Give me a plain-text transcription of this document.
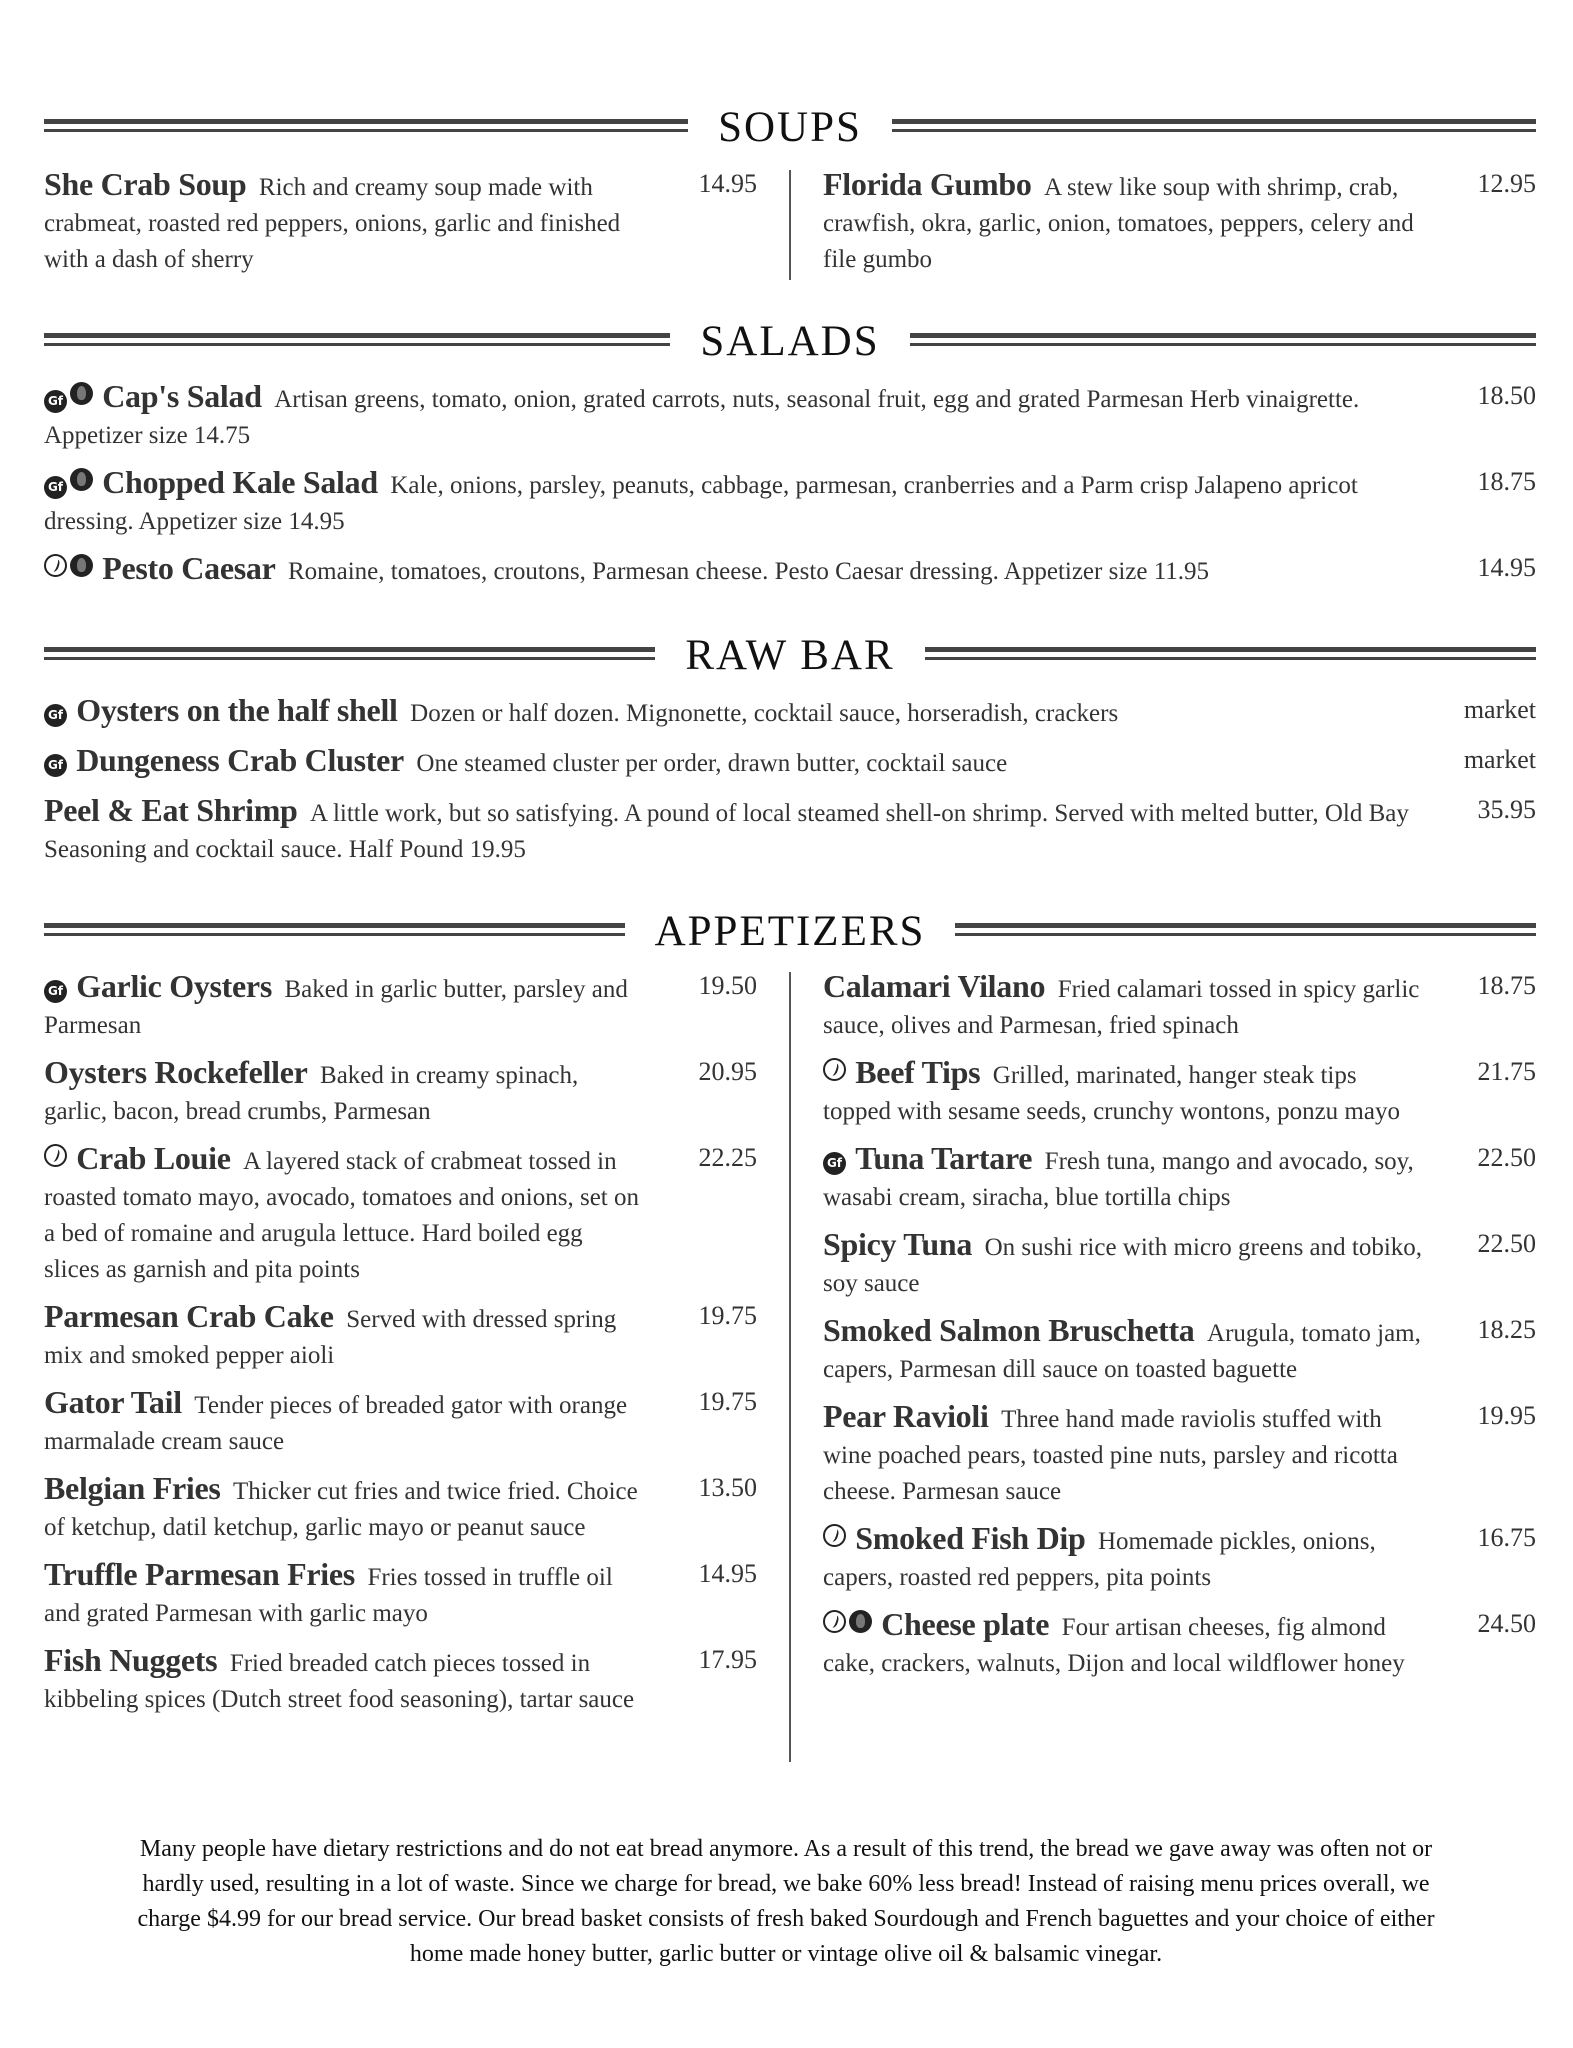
SOUPS
She Crab Soup Rich and creamy soup made with crabmeat, roasted red peppers, onions, garlic and finished with a dash of sherry
14.95 Florida Gumbo A stew like soup with shrimp, crab, crawfish, okra, garlic, onion, tomatoes, peppers, celery and file gumbo
12.95
SALADS
Gf Cap's Salad Artisan greens, tomato, onion, grated carrots, nuts, seasonal fruit, egg and grated Parmesan Herb vinaigrette. Appetizer size 14.75
18.50
Gf Chopped Kale Salad Kale, onions, parsley, peanuts, cabbage, parmesan, cranberries and a Parm crisp Jalapeno apricot dressing. Appetizer size 14.95
18.75
Pesto Caesar Romaine, tomatoes, croutons, Parmesan cheese. Pesto Caesar dressing. Appetizer size 11.95	14.95
RAW BAR
Gf Oysters on the half shell Dozen or half dozen. Mignonette, cocktail sauce, horseradish, crackers	market
Gf Dungeness Crab Cluster One steamed cluster per order, drawn butter, cocktail sauce	market
Peel & Eat Shrimp A little work, but so satisfying. A pound of local steamed shell-on shrimp. Served with melted butter, Old Bay Seasoning and cocktail sauce. Half Pound 19.95
35.95
APPETIZERS
Gf Garlic Oysters Baked in garlic butter, parsley and Parmesan
19.50
Oysters Rockefeller Baked in creamy spinach, garlic, bacon, bread crumbs, Parmesan
20.95
Crab Louie A layered stack of crabmeat tossed in roasted tomato mayo, avocado, tomatoes and onions, set on a bed of romaine and arugula lettuce. Hard boiled egg slices as garnish and pita points
22.25
Parmesan Crab Cake Served with dressed spring mix and smoked pepper aioli
19.75
Gator Tail Tender pieces of breaded gator with orange marmalade cream sauce
19.75
Belgian Fries Thicker cut fries and twice fried. Choice of ketchup, datil ketchup, garlic mayo or peanut sauce
13.50
Truffle Parmesan Fries Fries tossed in truffle oil and grated Parmesan with garlic mayo
14.95
Fish Nuggets Fried breaded catch pieces tossed in kibbeling spices (Dutch street food seasoning), tartar sauce
17.95
Calamari Vilano Fried calamari tossed in spicy garlic sauce, olives and Parmesan, fried spinach
18.75
Beef Tips Grilled, marinated, hanger steak tips topped with sesame seeds, crunchy wontons, ponzu mayo
21.75
Gf Tuna Tartare Fresh tuna, mango and avocado, soy, wasabi cream, siracha, blue tortilla chips
22.50
Spicy Tuna On sushi rice with micro greens and tobiko, soy sauce
22.50
Smoked Salmon Bruschetta Arugula, tomato jam, capers, Parmesan dill sauce on toasted baguette
18.25
Pear Ravioli Three hand made raviolis stuffed with wine poached pears, toasted pine nuts, parsley and ricotta cheese. Parmesan sauce
19.95
Smoked Fish Dip Homemade pickles, onions, capers, roasted red peppers, pita points
16.75
Cheese plate Four artisan cheeses, fig almond cake, crackers, walnuts, Dijon and local wildflower honey
24.50
Many people have dietary restrictions and do not eat bread anymore. As a result of this trend, the bread we gave away was often not or hardly used, resulting in a lot of waste. Since we charge for bread, we bake 60% less bread! Instead of raising menu prices overall, we charge $4.99 for our bread service. Our bread basket consists of fresh baked Sourdough and French baguettes and your choice of either home made honey butter, garlic butter or vintage olive oil & balsamic vinegar.
